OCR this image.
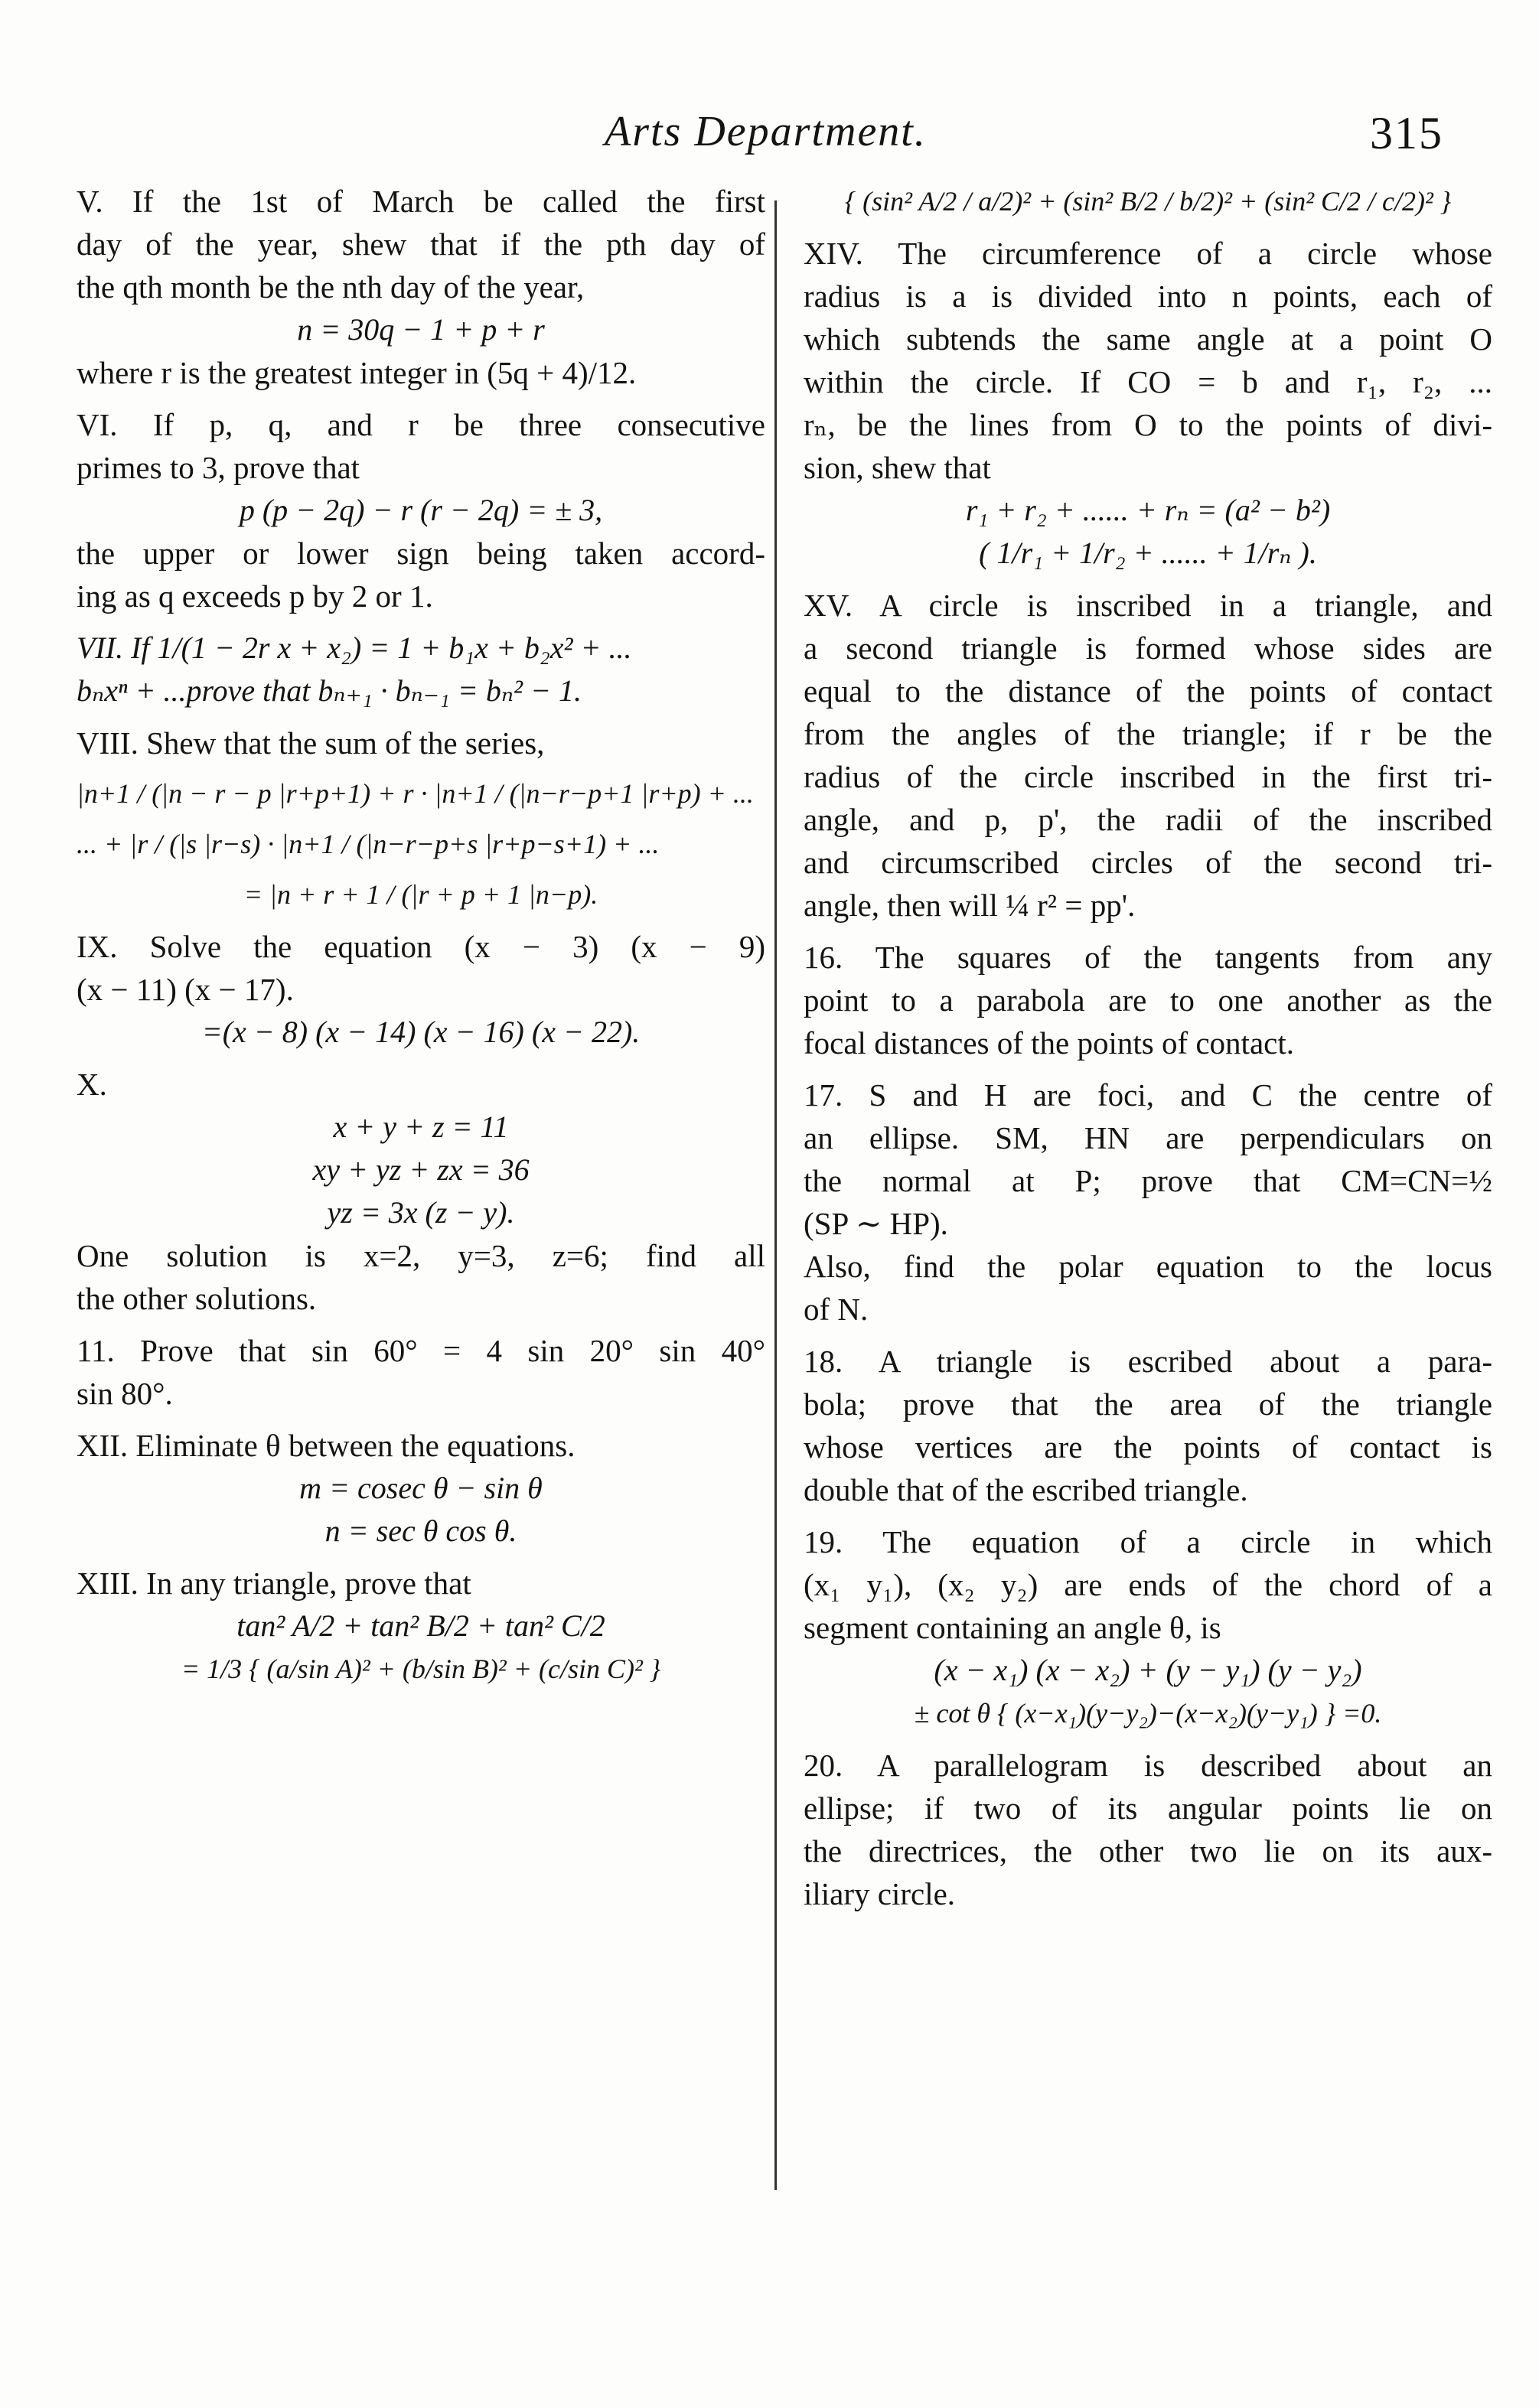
Arts Department.	315
V. If the 1st of March be called the first
day of the year, shew that if the pth day of
the qth month be the nth day of the year,
n = 30q − 1 + p + r
where r is the greatest integer in (5q + 4)/12.
VI. If p, q, and r be three consecutive
primes to 3, prove that
p (p − 2q) − r (r − 2q) = ± 3,
the upper or lower sign being taken accord-
ing as q exceeds p by 2 or 1.
VII. If 1/(1 − 2r x + x₂) = 1 + b₁x + b₂x² + ...
bₙxⁿ + ...prove that bₙ₊₁ · bₙ₋₁ = bₙ² − 1.
VIII. Shew that the sum of the series,
|n+1 / (|n − r − p |r+p+1) + r · |n+1 / (|n−r−p+1 |r+p) + ...
... + |r / (|s |r−s) · |n+1 / (|n−r−p+s |r+p−s+1) + ...
= |n + r + 1 / (|r + p + 1 |n−p).
IX. Solve the equation (x − 3) (x − 9)
(x − 11) (x − 17).
=(x − 8) (x − 14) (x − 16) (x − 22).
X.
x + y + z = 11
xy + yz + zx = 36
yz = 3x (z − y).
One solution is x=2, y=3, z=6; find all
the other solutions.
11. Prove that sin 60° = 4 sin 20° sin 40°
sin 80°.
XII. Eliminate θ between the equations.
m = cosec θ − sin θ
n = sec θ cos θ.
XIII. In any triangle, prove that
tan² A/2 + tan² B/2 + tan² C/2
= 1/3 { (a/sin A)² + (b/sin B)² + (c/sin C)² }
{ (sin² A/2 / a/2)² + (sin² B/2 / b/2)² + (sin² C/2 / c/2)² }
XIV. The circumference of a circle whose
radius is a is divided into n points, each of
which subtends the same angle at a point O
within the circle. If CO = b and r₁, r₂, ...
rₙ, be the lines from O to the points of divi-
sion, shew that
r₁ + r₂ + ...... + rₙ = (a² − b²)
( 1/r₁ + 1/r₂ + ...... + 1/rₙ ).
XV. A circle is inscribed in a triangle, and
a second triangle is formed whose sides are
equal to the distance of the points of contact
from the angles of the triangle; if r be the
radius of the circle inscribed in the first tri-
angle, and p, p', the radii of the inscribed
and circumscribed circles of the second tri-
angle, then will ¼ r² = pp'.
16. The squares of the tangents from any
point to a parabola are to one another as the
focal distances of the points of contact.
17. S and H are foci, and C the centre of
an ellipse. SM, HN are perpendiculars on
the normal at P; prove that CM=CN=½
(SP ∼ HP).
Also, find the polar equation to the locus
of N.
18. A triangle is escribed about a para-
bola; prove that the area of the triangle
whose vertices are the points of contact is
double that of the escribed triangle.
19. The equation of a circle in which
(x₁ y₁), (x₂ y₂) are ends of the chord of a
segment containing an angle θ, is
(x − x₁) (x − x₂) + (y − y₁) (y − y₂)
± cot θ { (x−x₁)(y−y₂)−(x−x₂)(y−y₁) } =0.
20. A parallelogram is described about an
ellipse; if two of its angular points lie on
the directrices, the other two lie on its aux-
iliary circle.
